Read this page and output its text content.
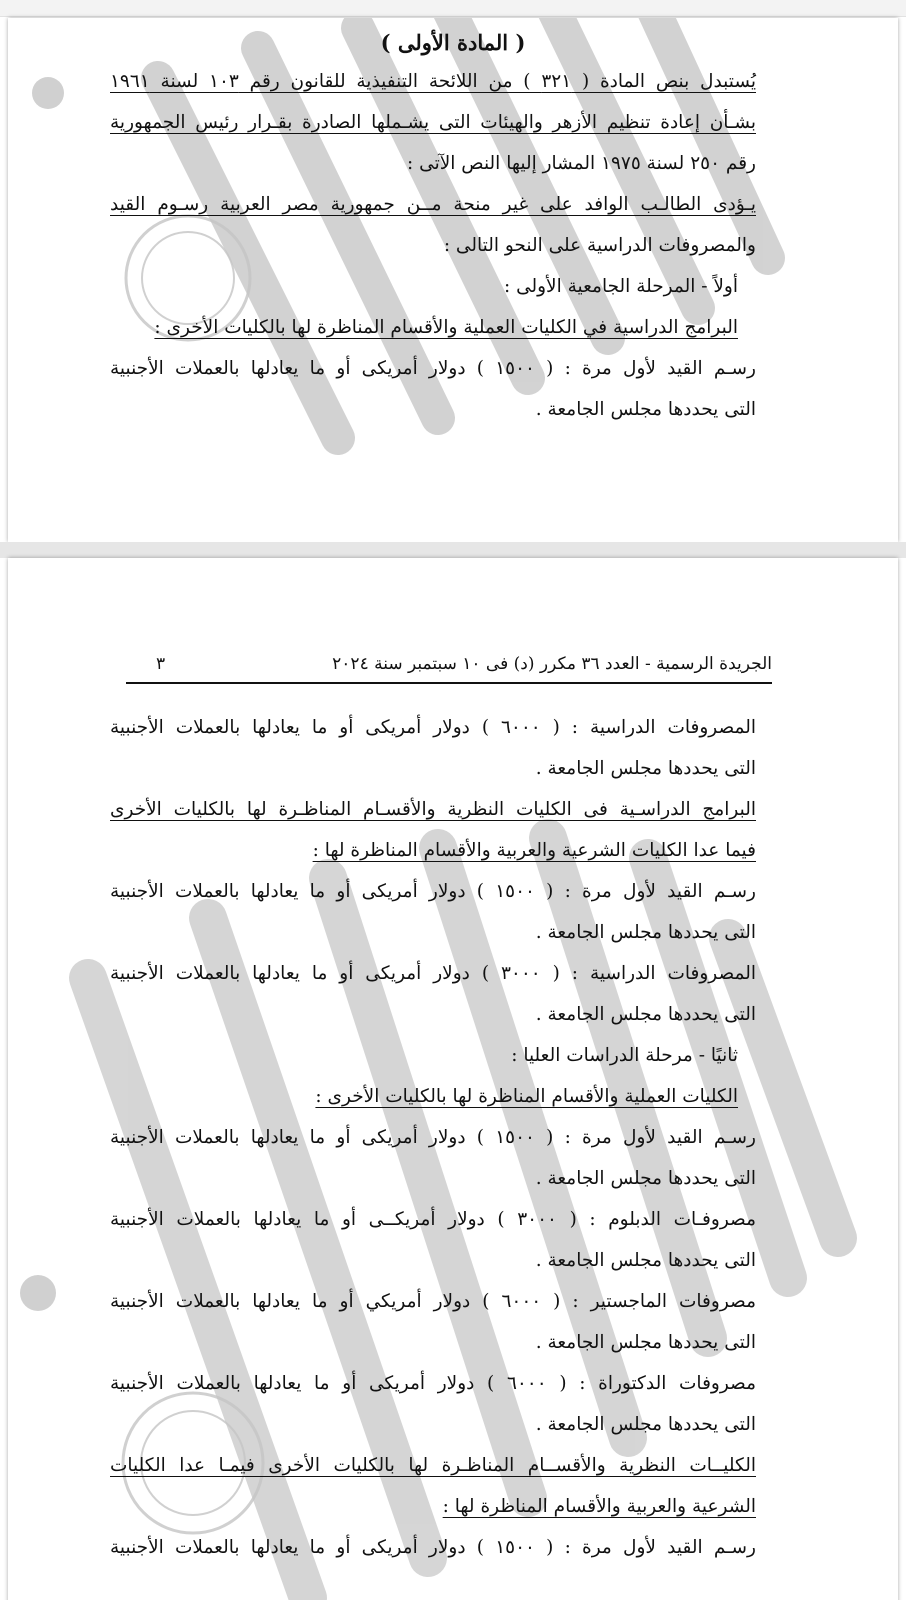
( المادة الأولى )
يُستبدل بنص المادة ( ٣٢١ ) من اللائحة التنفيذية للقانون رقم ١٠٣ لسنة ١٩٦١
بشـأن إعادة تنظيم الأزهر والهيئات التى يشـملها الصادرة بقـرار رئيس الجمهورية
رقم ٢٥٠ لسنة ١٩٧٥ المشار إليها النص الآتى :
يـؤدى الطالـب الوافد على غير منحة مــن جمهورية مصر العربية رسـوم القيد
والمصروفات الدراسية على النحو التالى :
أولاً - المرحلة الجامعية الأولى :
البرامج الدراسية في الكليات العملية والأقسام المناظرة لها بالكليات الأخرى :
رسـم القيد لأول مرة : ( ١٥٠٠ ) دولار أمريكى أو ما يعادلها بالعملات الأجنبية
التى يحددها مجلس الجامعة .
الجريدة الرسمية - العدد ٣٦ مكرر (د) فى ١٠ سبتمبر سنة ٢٠٢٤
٣
المصروفات الدراسية : ( ٦٠٠٠ ) دولار أمريكى أو ما يعادلها بالعملات الأجنبية
التى يحددها مجلس الجامعة .
البرامج الدراسـية فى الكليات النظرية والأقسـام المناظـرة لها بالكليات الأخرى
فيما عدا الكليات الشرعية والعربية والأقسام المناظرة لها :
رسـم القيد لأول مرة : ( ١٥٠٠ ) دولار أمريكى أو ما يعادلها بالعملات الأجنبية
التى يحددها مجلس الجامعة .
المصروفات الدراسية : ( ٣٠٠٠ ) دولار أمريكى أو ما يعادلها بالعملات الأجنبية
التى يحددها مجلس الجامعة .
ثانيًا - مرحلة الدراسات العليا :
الكليات العملية والأقسام المناظرة لها بالكليات الأخرى :
رسـم القيد لأول مرة : ( ١٥٠٠ ) دولار أمريكى أو ما يعادلها بالعملات الأجنبية
التى يحددها مجلس الجامعة .
مصروفـات الدبلوم : ( ٣٠٠٠ ) دولار أمريكــى أو ما يعادلها بالعملات الأجنبية
التى يحددها مجلس الجامعة .
مصروفات الماجستير : ( ٦٠٠٠ ) دولار أمريكي أو ما يعادلها بالعملات الأجنبية
التى يحددها مجلس الجامعة .
مصروفات الدكتوراة : ( ٦٠٠٠ ) دولار أمريكى أو ما يعادلها بالعملات الأجنبية
التى يحددها مجلس الجامعة .
الكليــات النظرية والأقســام المناظـرة لها بالكليات الأخرى فيمـا عدا الكليات
الشرعية والعربية والأقسام المناظرة لها :
رسـم القيد لأول مرة : ( ١٥٠٠ ) دولار أمريكى أو ما يعادلها بالعملات الأجنبية
